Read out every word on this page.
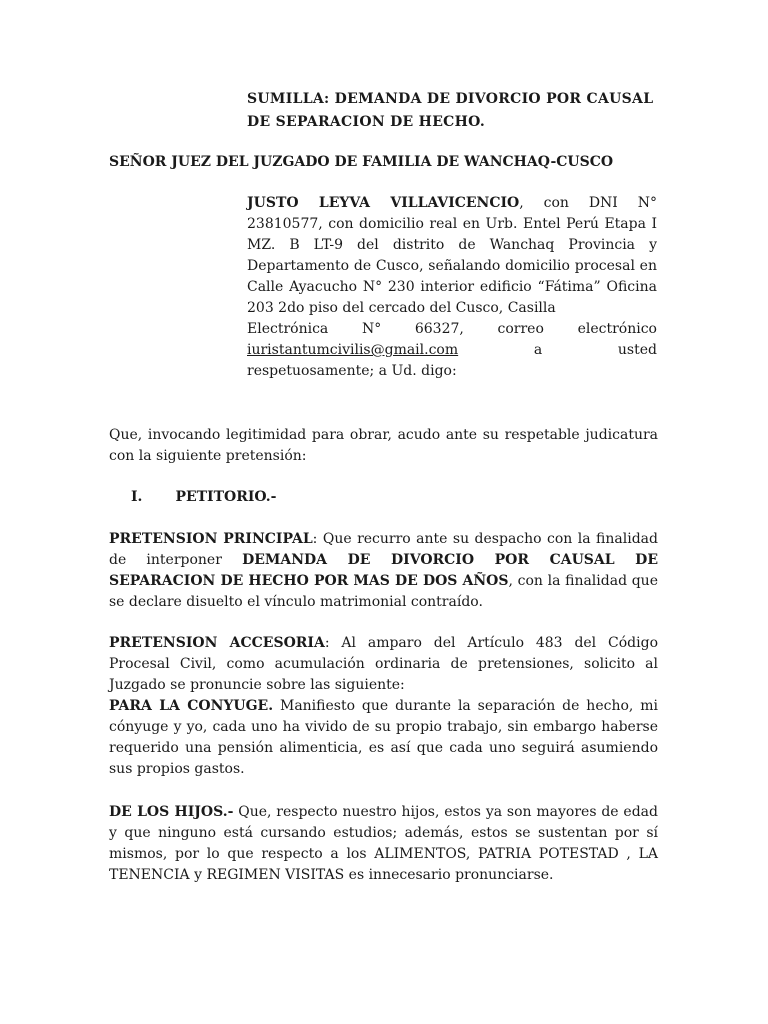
SUMILLA: DEMANDA DE DIVORCIO POR CAUSAL
DE SEPARACION DE HECHO.
SEÑOR JUEZ DEL JUZGADO DE FAMILIA DE WANCHAQ-CUSCO
JUSTO LEYVA VILLAVICENCIO, con DNI N° 23810577, con domicilio real en Urb. Entel Perú Etapa I MZ. B LT-9 del distrito de Wanchaq Provincia y Departamento de Cusco, señalando domicilio procesal en Calle Ayacucho N° 230 interior edificio “Fátima” Oficina 203 2do piso del cercado del Cusco, Casilla
Electrónica N° 66327, correo electrónico
iuristantumcivilis@gmail.com	a	usted
respetuosamente; a Ud. digo:
Que, invocando legitimidad para obrar, acudo ante su respetable judicatura con la siguiente pretensión:
I. PETITORIO.-
PRETENSION PRINCIPAL: Que recurro ante su despacho con la finalidad de interponer DEMANDA DE DIVORCIO POR CAUSAL DE SEPARACION DE HECHO POR MAS DE DOS AÑOS, con la finalidad que se declare disuelto el vínculo matrimonial contraído.
PRETENSION ACCESORIA: Al amparo del Artículo 483 del Código Procesal Civil, como acumulación ordinaria de pretensiones, solicito al Juzgado se pronuncie sobre las siguiente:
PARA LA CONYUGE. Manifiesto que durante la separación de hecho, mi cónyuge y yo, cada uno ha vivido de su propio trabajo, sin embargo haberse requerido una pensión alimenticia, es así que cada uno seguirá asumiendo sus propios gastos.
DE LOS HIJOS.- Que, respecto nuestro hijos, estos ya son mayores de edad y que ninguno está cursando estudios; además, estos se sustentan por sí mismos, por lo que respecto a los ALIMENTOS, PATRIA POTESTAD , LA TENENCIA y REGIMEN VISITAS es innecesario pronunciarse.
